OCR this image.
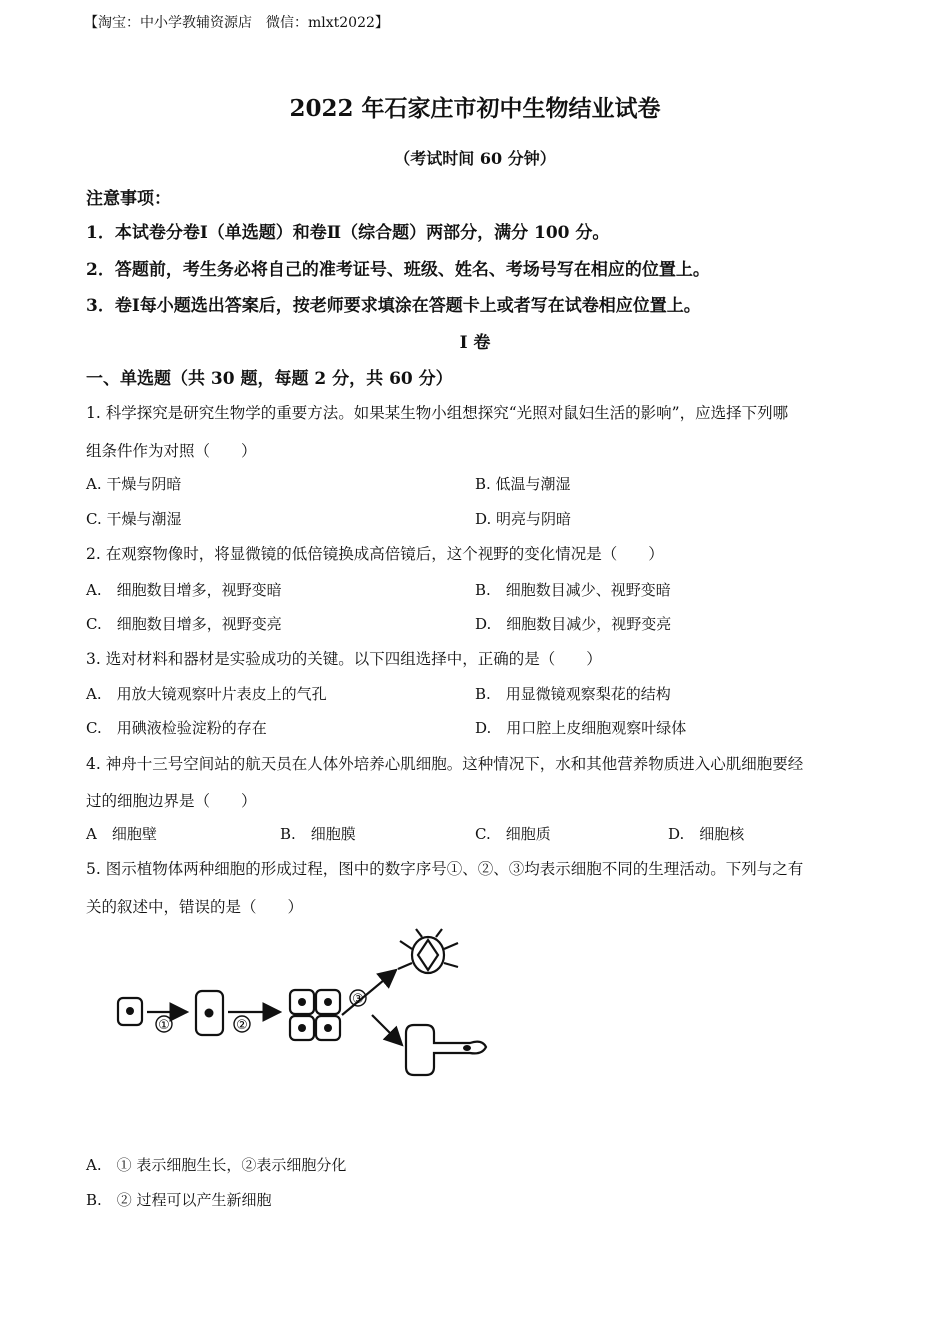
【淘宝：中小学教辅资源店　微信：mlxt2022】
2022 年石家庄市初中生物结业试卷
（考试时间 60 分钟）
注意事项：
1．本试卷分卷Ⅰ（单选题）和卷Ⅱ（综合题）两部分，满分 100 分。
2．答题前，考生务必将自己的准考证号、班级、姓名、考场号写在相应的位置上。
3．卷Ⅰ每小题选出答案后，按老师要求填涂在答题卡上或者写在试卷相应位置上。
Ⅰ 卷
一、单选题（共 30 题，每题 2 分，共 60 分）
1. 科学探究是研究生物学的重要方法。如果某生物小组想探究“光照对鼠妇生活的影响”，应选择下列哪
组条件作为对照（　　）
A. 干燥与阴暗	B. 低温与潮湿
C. 干燥与潮湿	D. 明亮与阴暗
2. 在观察物像时，将显微镜的低倍镜换成高倍镜后，这个视野的变化情况是（　　）
A.　细胞数目增多，视野变暗	B.　细胞数目减少、视野变暗
C.　细胞数目增多，视野变亮	D.　细胞数目减少，视野变亮
3. 选对材料和器材是实验成功的关键。以下四组选择中，正确的是（　　）
A.　用放大镜观察叶片表皮上的气孔	B.　用显微镜观察梨花的结构
C.　用碘液检验淀粉的存在	D.　用口腔上皮细胞观察叶绿体
4. 神舟十三号空间站的航天员在人体外培养心肌细胞。这种情况下，水和其他营养物质进入心肌细胞要经
过的细胞边界是（　　）
A　细胞壁	B.　细胞膜	C.　细胞质	D.　细胞核
5. 图示植物体两种细胞的形成过程，图中的数字序号①、②、③均表示细胞不同的生理活动。下列与之有
关的叙述中，错误的是（　　）
①	②
③
A.　① 表示细胞生长，②表示细胞分化
B.　② 过程可以产生新细胞
